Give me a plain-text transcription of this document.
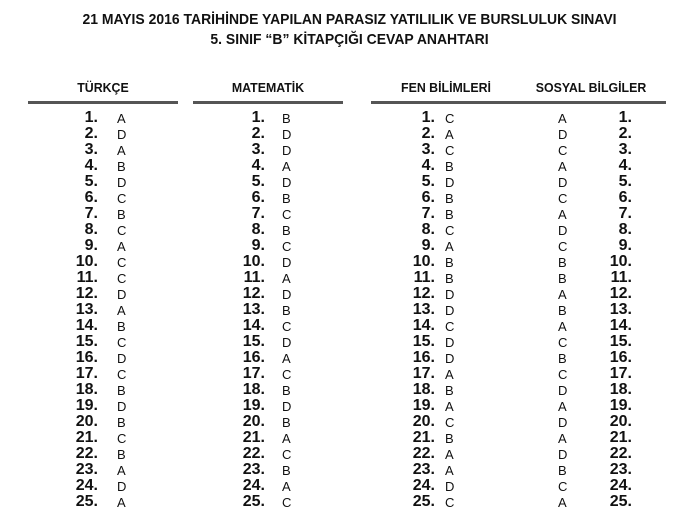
21 MAYIS 2016 TARİHİNDE YAPILAN PARASIZ YATILILIK VE BURSLULUK SINAVI
5. SINIF “B” KİTAPÇIĞI CEVAP ANAHTARI
TÜRKÇE
1. A
2. D
3. A
4. B
5. D
6. C
7. B
8. C
9. A
10. C
11. C
12. D
13. A
14. B
15. C
16. D
17. C
18. B
19. D
20. B
21. C
22. B
23. A
24. D
25. A
MATEMATİK
1. B
2. D
3. D
4. A
5. D
6. B
7. C
8. B
9. C
10. D
11. A
12. D
13. B
14. C
15. D
16. A
17. C
18. B
19. D
20. B
21. A
22. C
23. B
24. A
25. C
FEN BİLİMLERİ
1. C
2. A
3. C
4. B
5. D
6. B
7. B
8. C
9. A
10. B
11. B
12. D
13. D
14. C
15. D
16. D
17. A
18. B
19. A
20. C
21. B
22. A
23. A
24. D
25. C
SOSYAL BİLGİLER
1.
A
2.
D
3.
C
4.
A
5.
D
6.
C
7.
A
8.
D
9.
C
10.
B
11.
B
12.
A
13.
B
14.
A
15.
C
16.
B
17.
C
18.
D
19.
A
20.
D
21.
A
22.
D
23.
B
24.
C
25.
A
